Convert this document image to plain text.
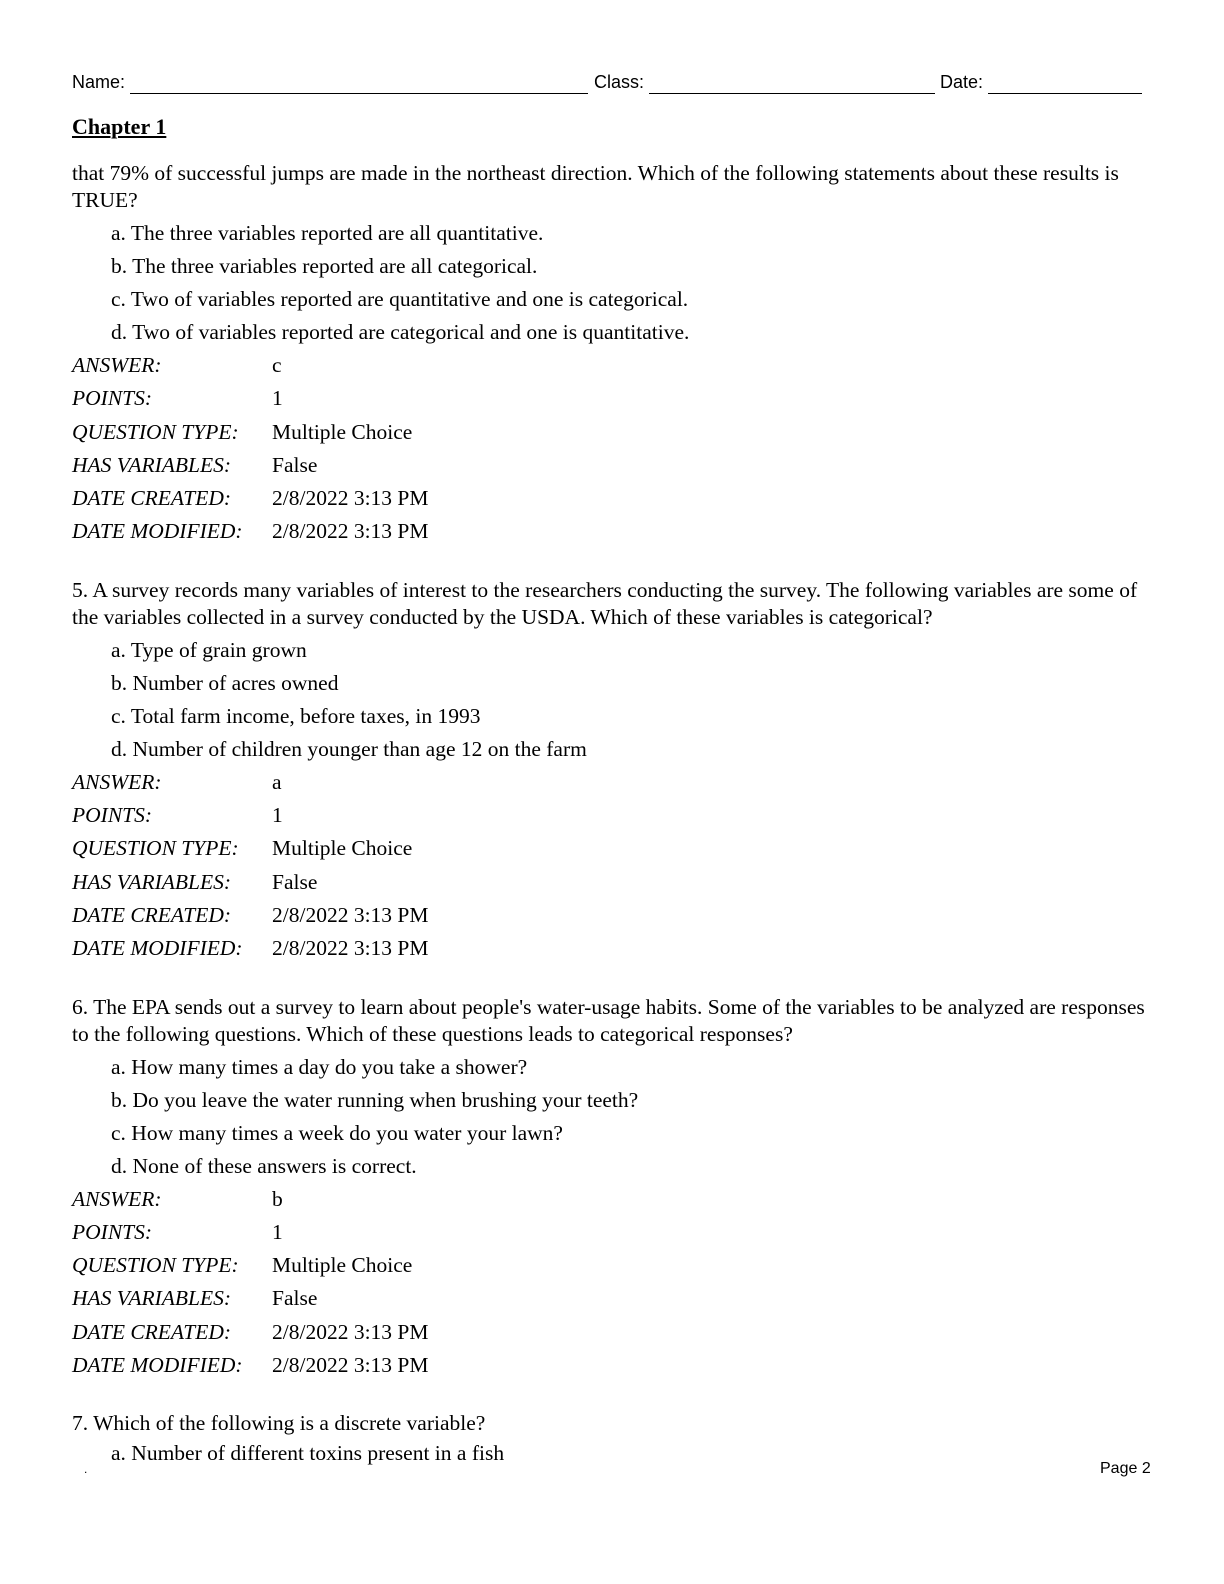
Name:	Class:	Date:
Chapter 1

that 79% of successful jumps are made in the northeast direction. Which of the following statements about these results is TRUE?

a. The three variables reported are all quantitative.
b. The three variables reported are all categorical.
c. Two of variables reported are quantitative and one is categorical.
d. Two of variables reported are categorical and one is quantitative.
ANSWER:	c
POINTS:	1
QUESTION TYPE: Multiple Choice
HAS VARIABLES: False
DATE CREATED: 2/8/2022 3:13 PM
DATE MODIFIED: 2/8/2022 3:13 PM

5. A survey records many variables of interest to the researchers conducting the survey. The following variables are some of the variables collected in a survey conducted by the USDA. Which of these variables is categorical?

a. Type of grain grown
b. Number of acres owned
c. Total farm income, before taxes, in 1993
d. Number of children younger than age 12 on the farm
ANSWER:	a
POINTS:	1
QUESTION TYPE: Multiple Choice
HAS VARIABLES: False
DATE CREATED: 2/8/2022 3:13 PM
DATE MODIFIED: 2/8/2022 3:13 PM

6. The EPA sends out a survey to learn about people's water-usage habits. Some of the variables to be analyzed are responses to the following questions. Which of these questions leads to categorical responses?

a. How many times a day do you take a shower?
b. Do you leave the water running when brushing your teeth?
c. How many times a week do you water your lawn?
d. None of these answers is correct.
ANSWER:	b
POINTS:	1
QUESTION TYPE: Multiple Choice
HAS VARIABLES: False
DATE CREATED: 2/8/2022 3:13 PM
DATE MODIFIED: 2/8/2022 3:13 PM

7. Which of the following is a discrete variable?

a. Number of different toxins present in a fish
.	Page 2
